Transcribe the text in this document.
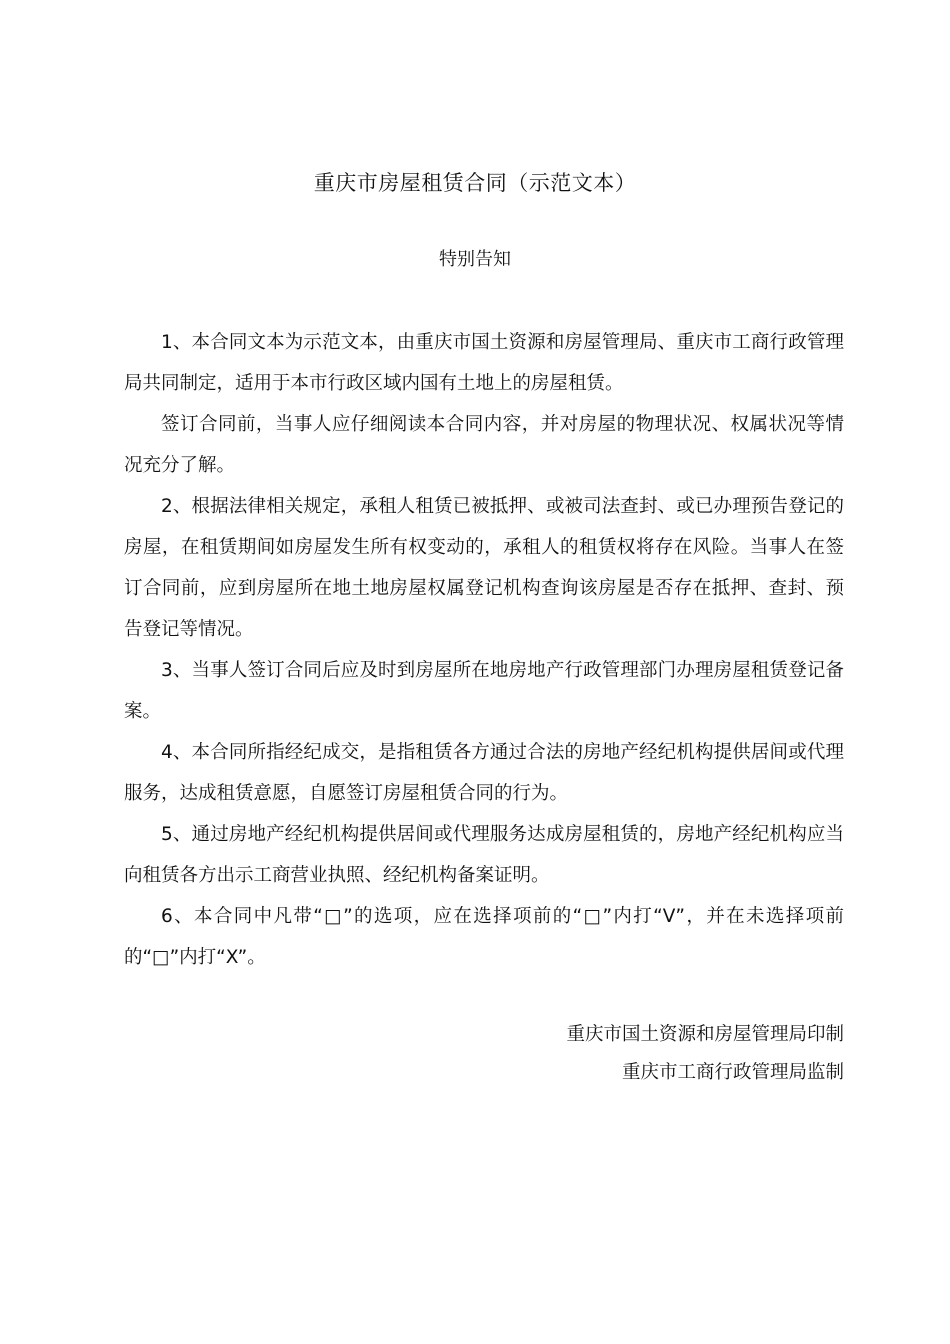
重庆市房屋租赁合同（示范文本）
特别告知

1、本合同文本为示范文本，由重庆市国土资源和房屋管理局、重庆市工商行政管理局共同制定，适用于本市行政区域内国有土地上的房屋租赁。

签订合同前，当事人应仔细阅读本合同内容，并对房屋的物理状况、权属状况等情况充分了解。

2、根据法律相关规定，承租人租赁已被抵押、或被司法查封、或已办理预告登记的房屋，在租赁期间如房屋发生所有权变动的，承租人的租赁权将存在风险。当事人在签订合同前，应到房屋所在地土地房屋权属登记机构查询该房屋是否存在抵押、查封、预告登记等情况。

3、当事人签订合同后应及时到房屋所在地房地产行政管理部门办理房屋租赁登记备案。

4、本合同所指经纪成交，是指租赁各方通过合法的房地产经纪机构提供居间或代理服务，达成租赁意愿，自愿签订房屋租赁合同的行为。

5、通过房地产经纪机构提供居间或代理服务达成房屋租赁的，房地产经纪机构应当向租赁各方出示工商营业执照、经纪机构备案证明。

6、本合同中凡带“□”的选项，应在选择项前的“□”内打“V”，并在未选择项前的“□”内打“X”。

重庆市国土资源和房屋管理局印制
重庆市工商行政管理局监制
